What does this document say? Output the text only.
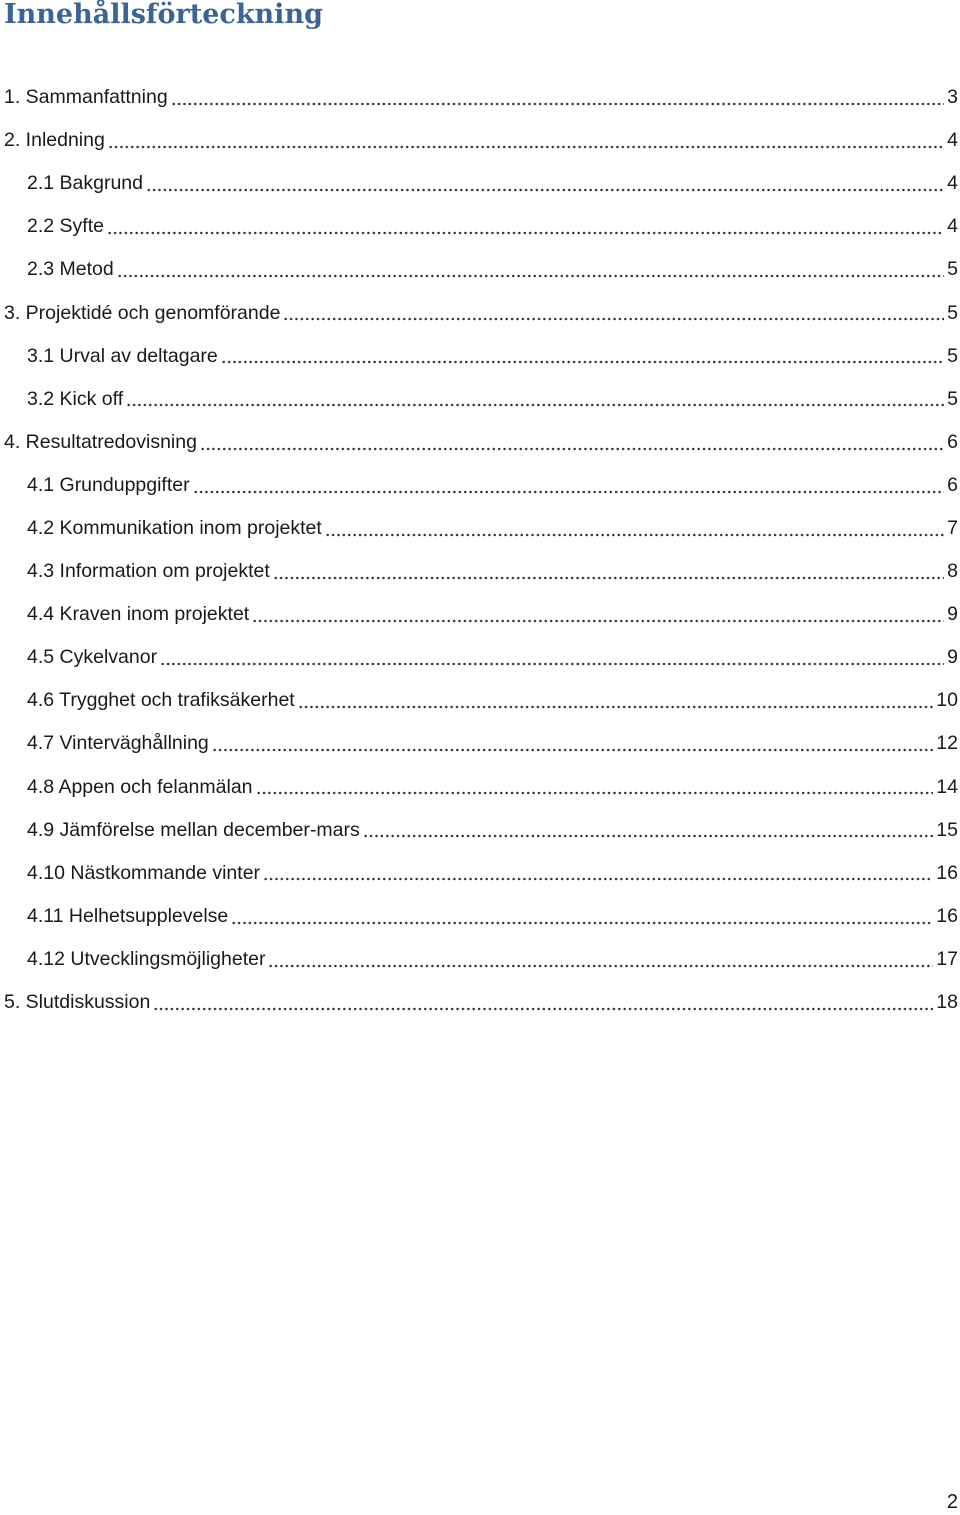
Innehållsförteckning
1. Sammanfattning	3
2. Inledning	4
2.1 Bakgrund	4
2.2 Syfte	4
2.3 Metod	5
3. Projektidé och genomförande	5
3.1 Urval av deltagare	5
3.2 Kick off	5
4. Resultatredovisning	6
4.1 Grunduppgifter	6
4.2 Kommunikation inom projektet	7
4.3 Information om projektet	8
4.4 Kraven inom projektet	9
4.5 Cykelvanor	9
4.6 Trygghet och trafiksäkerhet	10
4.7 Vinterväghållning	12
4.8 Appen och felanmälan	14
4.9 Jämförelse mellan december-mars	15
4.10 Nästkommande vinter	16
4.11 Helhetsupplevelse	16
4.12 Utvecklingsmöjligheter	17
5. Slutdiskussion	18
2
